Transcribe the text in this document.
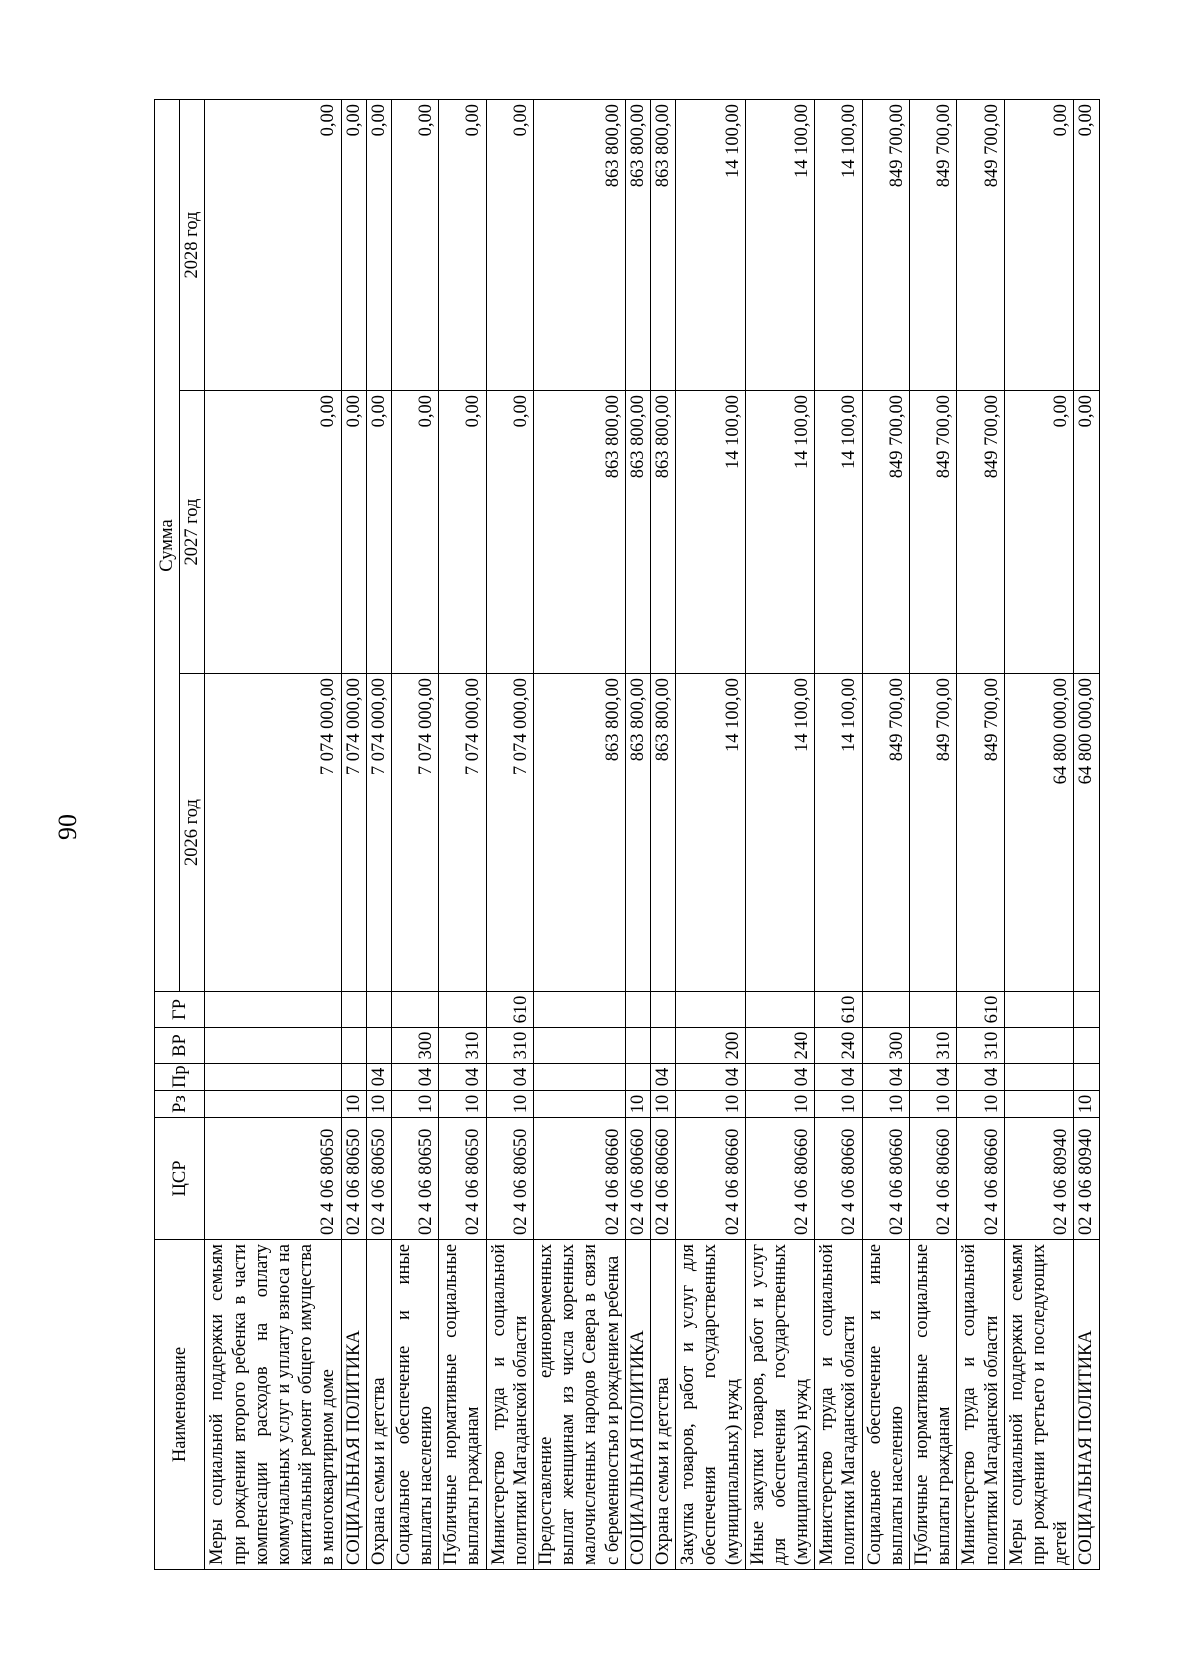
90
Наименование	ЦСР	Рз	Пр	ВР	ГР	Сумма		
						2026 год	2027 год	2028 год
Меры социальной поддержки семьям при рождении второго ребенка в части компенсации расходов на оплату коммунальных услуг и уплату взноса на капитальный ремонт общего имущества в многоквартирном доме	02 4 06 80650					7 074 000,00	0,00	0,00
СОЦИАЛЬНАЯ ПОЛИТИКА	02 4 06 80650	10				7 074 000,00	0,00	0,00
Охрана семьи и детства	02 4 06 80650	10	04			7 074 000,00	0,00	0,00
Социальное обеспечение и иные выплаты населению	02 4 06 80650	10	04	300		7 074 000,00	0,00	0,00
Публичные нормативные социальные выплаты гражданам	02 4 06 80650	10	04	310		7 074 000,00	0,00	0,00
Министерство труда и социальной политики Магаданской области	02 4 06 80650	10	04	310	610	7 074 000,00	0,00	0,00
Предоставление единовременных выплат женщинам из числа коренных малочисленных народов Севера в связи с беременностью и рождением ребенка	02 4 06 80660					863 800,00	863 800,00	863 800,00
СОЦИАЛЬНАЯ ПОЛИТИКА	02 4 06 80660	10				863 800,00	863 800,00	863 800,00
Охрана семьи и детства	02 4 06 80660	10	04			863 800,00	863 800,00	863 800,00
Закупка товаров, работ и услуг для обеспечения государственных (муниципальных) нужд	02 4 06 80660	10	04	200		14 100,00	14 100,00	14 100,00
Иные закупки товаров, работ и услуг для обеспечения государственных (муниципальных) нужд	02 4 06 80660	10	04	240		14 100,00	14 100,00	14 100,00
Министерство труда и социальной политики Магаданской области	02 4 06 80660	10	04	240	610	14 100,00	14 100,00	14 100,00
Социальное обеспечение и иные выплаты населению	02 4 06 80660	10	04	300		849 700,00	849 700,00	849 700,00
Публичные нормативные социальные выплаты гражданам	02 4 06 80660	10	04	310		849 700,00	849 700,00	849 700,00
Министерство труда и социальной политики Магаданской области	02 4 06 80660	10	04	310	610	849 700,00	849 700,00	849 700,00
Меры социальной поддержки семьям при рождении третьего и последующих детей	02 4 06 80940					64 800 000,00	0,00	0,00
СОЦИАЛЬНАЯ ПОЛИТИКА	02 4 06 80940	10				64 800 000,00	0,00	0,00
